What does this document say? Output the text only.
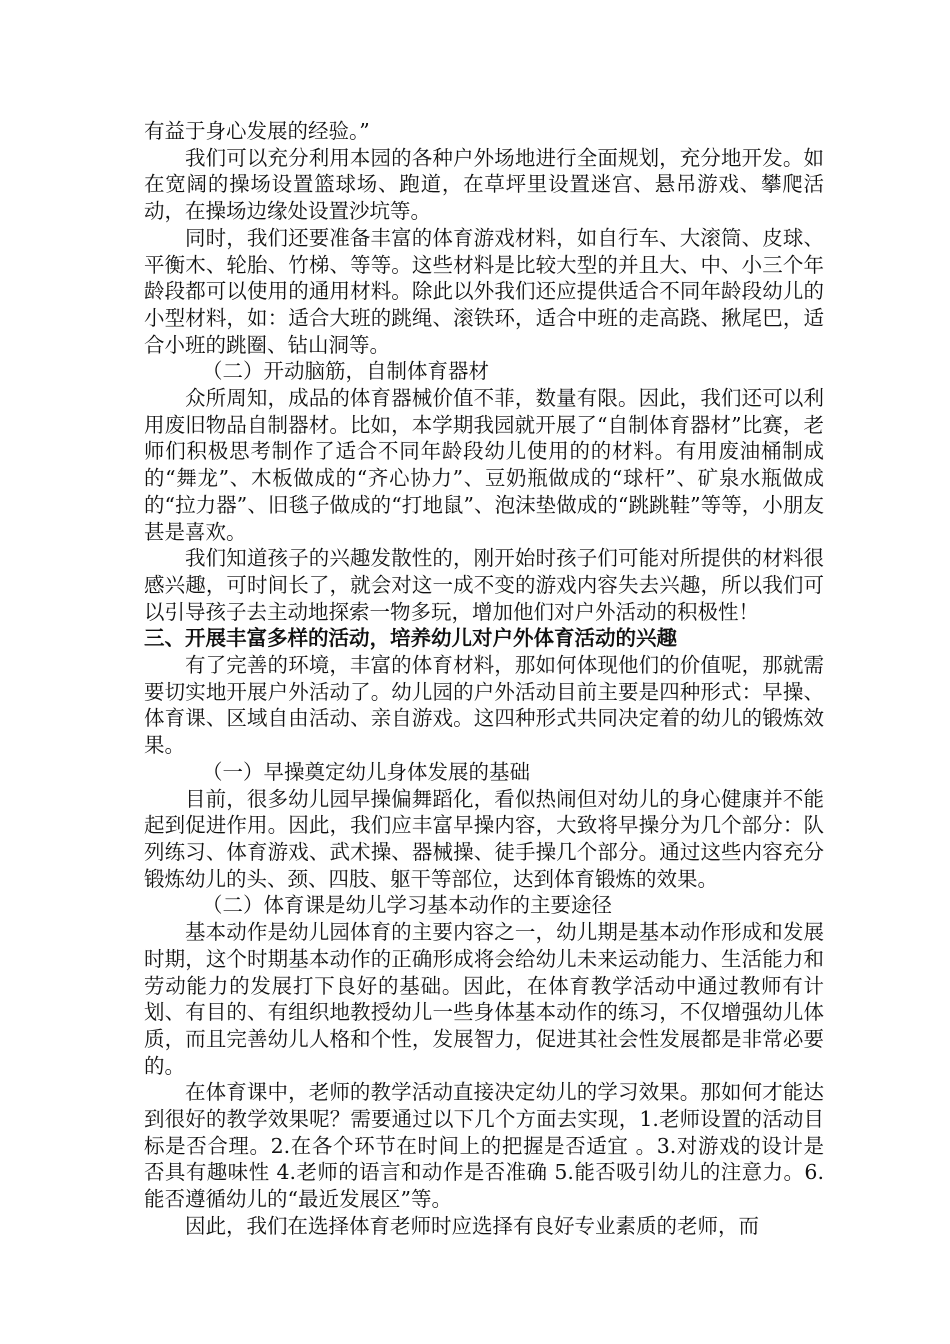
有益于身心发展的经验。”

我们可以充分利用本园的各种户外场地进行全面规划，充分地开发。如在宽阔的操场设置篮球场、跑道，在草坪里设置迷宫、悬吊游戏、攀爬活动，在操场边缘处设置沙坑等。

同时，我们还要准备丰富的体育游戏材料，如自行车、大滚筒、皮球、平衡木、轮胎、竹梯、等等。这些材料是比较大型的并且大、中、小三个年龄段都可以使用的通用材料。除此以外我们还应提供适合不同年龄段幼儿的小型材料，如：适合大班的跳绳、滚铁环，适合中班的走高跷、揪尾巴，适合小班的跳圈、钻山洞等。

（二）开动脑筋，自制体育器材

众所周知，成品的体育器械价值不菲，数量有限。因此，我们还可以利用废旧物品自制器材。比如，本学期我园就开展了“自制体育器材”比赛，老师们积极思考制作了适合不同年龄段幼儿使用的的材料。有用废油桶制成的“舞龙”、木板做成的“齐心协力”、豆奶瓶做成的“球杆”、矿泉水瓶做成的“拉力器”、旧毯子做成的“打地鼠”、泡沫垫做成的“跳跳鞋”等等，小朋友甚是喜欢。

我们知道孩子的兴趣发散性的，刚开始时孩子们可能对所提供的材料很感兴趣，可时间长了，就会对这一成不变的游戏内容失去兴趣，所以我们可以引导孩子去主动地探索一物多玩，增加他们对户外活动的积极性！

三、开展丰富多样的活动，培养幼儿对户外体育活动的兴趣

有了完善的环境，丰富的体育材料，那如何体现他们的价值呢，那就需要切实地开展户外活动了。幼儿园的户外活动目前主要是四种形式：早操、体育课、区域自由活动、亲自游戏。这四种形式共同决定着的幼儿的锻炼效果。

（一）早操奠定幼儿身体发展的基础

目前，很多幼儿园早操偏舞蹈化，看似热闹但对幼儿的身心健康并不能起到促进作用。因此，我们应丰富早操内容，大致将早操分为几个部分：队列练习、体育游戏、武术操、器械操、徒手操几个部分。通过这些内容充分锻炼幼儿的头、颈、四肢、躯干等部位，达到体育锻炼的效果。

（二）体育课是幼儿学习基本动作的主要途径

基本动作是幼儿园体育的主要内容之一，幼儿期是基本动作形成和发展时期，这个时期基本动作的正确形成将会给幼儿未来运动能力、生活能力和劳动能力的发展打下良好的基础。因此，在体育教学活动中通过教师有计划、有目的、有组织地教授幼儿一些身体基本动作的练习，不仅增强幼儿体质，而且完善幼儿人格和个性，发展智力，促进其社会性发展都是非常必要的。

在体育课中，老师的教学活动直接决定幼儿的学习效果。那如何才能达到很好的教学效果呢？需要通过以下几个方面去实现，1.老师设置的活动目标是否合理。2.在各个环节在时间上的把握是否适宜 。3.对游戏的设计是否具有趣味性 4.老师的语言和动作是否准确 5.能否吸引幼儿的注意力。6.能否遵循幼儿的“最近发展区”等。

因此，我们在选择体育老师时应选择有良好专业素质的老师，而
